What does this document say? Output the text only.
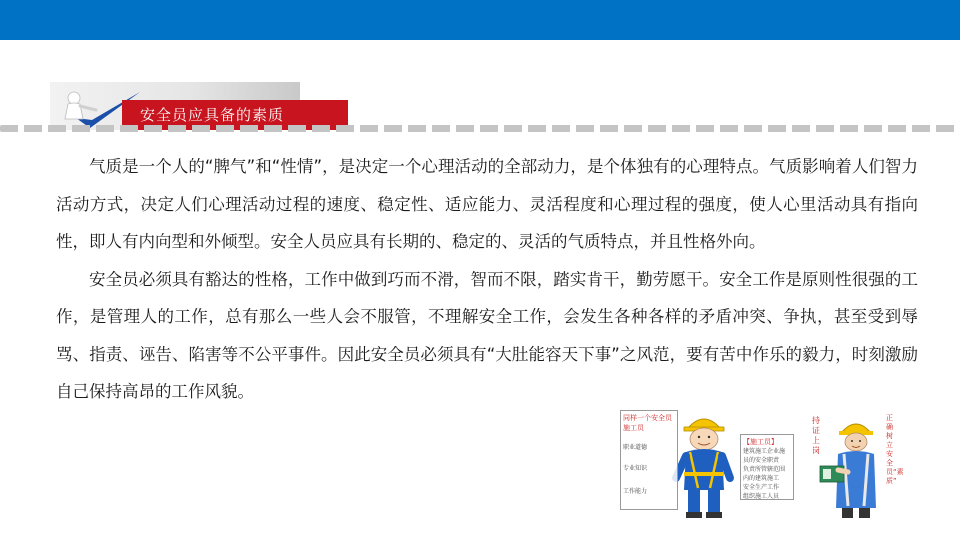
安全员应具备的素质

气质是一个人的“脾气”和“性情”，是决定一个心理活动的全部动力，是个体独有的心理特点。气质影响着人们智力活动方式，决定人们心理活动过程的速度、稳定性、适应能力、灵活程度和心理过程的强度，使人心里活动具有指向性，即人有内向型和外倾型。安全人员应具有长期的、稳定的、灵活的气质特点，并且性格外向。

安全员必须具有豁达的性格，工作中做到巧而不滑，智而不限，踏实肯干，勤劳愿干。安全工作是原则性很强的工作，是管理人的工作，总有那么一些人会不服管，不理解安全工作，会发生各种各样的矛盾冲突、争执，甚至受到辱骂、指责、诬告、陷害等不公平事件。因此安全员必须具有“大肚能容天下事”之风范，要有苦中作乐的毅力，时刻激励自己保持高昂的工作风貌。

同样一个安全员施工员
职业道德
专业知识
工作能力
【施工员】
建筑施工企业施
员的安全职责
负责所管辖范围
内的建筑施工
安全生产工作
组织施工人员
持证上岗
正确树立安全员“素质”
